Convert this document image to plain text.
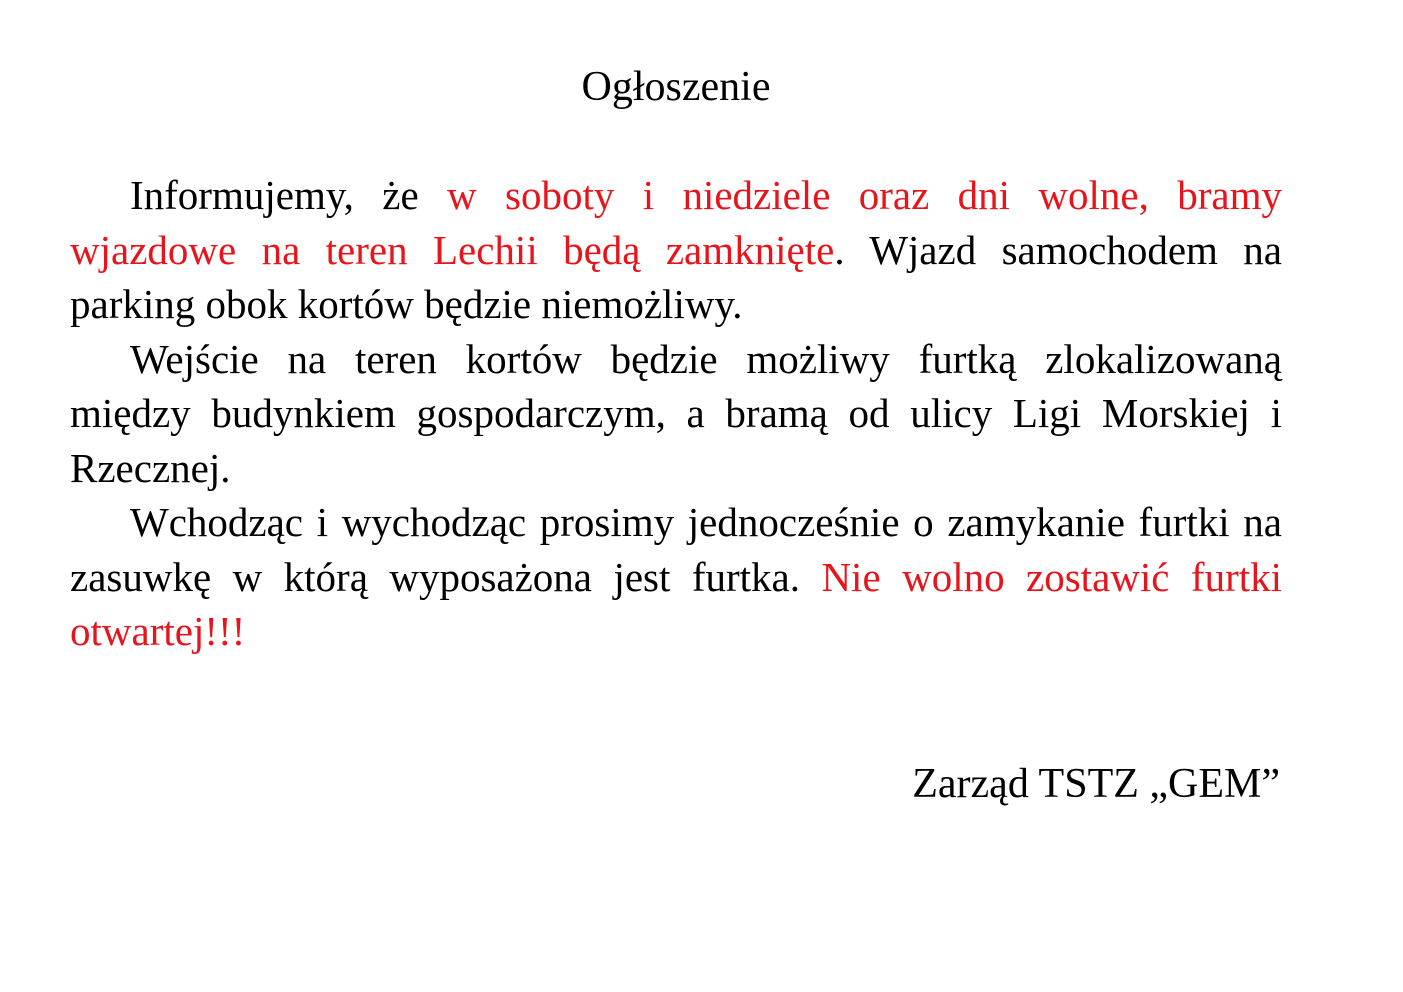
Ogłoszenie

Informujemy, że w soboty i niedziele oraz dni wolne, bramy wjazdowe na teren Lechii będą zamknięte. Wjazd samochodem na parking obok kortów będzie niemożliwy.

Wejście na teren kortów będzie możliwy furtką zlokalizowaną między budynkiem gospodarczym, a bramą od ulicy Ligi Morskiej i Rzecznej.

Wchodząc i wychodząc prosimy jednocześnie o zamykanie furtki na zasuwkę w którą wyposażona jest furtka. Nie wolno zostawić furtki otwartej!!!

Zarząd TSTZ „GEM”
